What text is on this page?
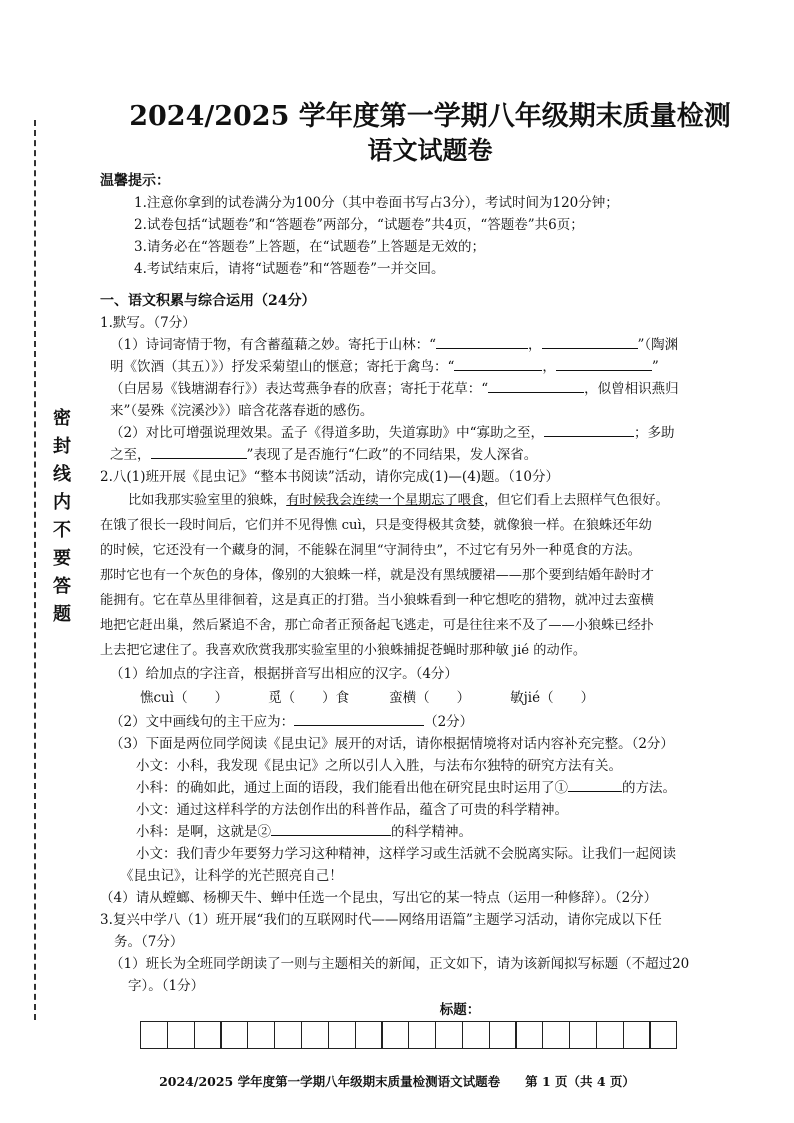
密
封
线
内
不
要
答
题
2024/2025 学年度第一学期八年级期末质量检测
语文试题卷
温馨提示：
1.注意你拿到的试卷满分为100分（其中卷面书写占3分），考试时间为120分钟；
2.试卷包括“试题卷”和“答题卷”两部分，“试题卷”共4页，“答题卷”共6页；
3.请务必在“答题卷”上答题，在“试题卷”上答题是无效的；
4.考试结束后，请将“试题卷”和“答题卷”一并交回。
一、语文积累与综合运用（24分）
1.默写。（7分）
（1）诗词寄情于物，有含蓄蕴藉之妙。寄托于山林：“	，	”（陶渊
明《饮酒（其五）》）抒发采菊望山的惬意；寄托于禽鸟：“	，	”
（白居易《钱塘湖春行》）表达莺燕争春的欣喜；寄托于花草：“	，似曾相识燕归
来”（晏殊《浣溪沙》）暗含花落春逝的感伤。
（2）对比可增强说理效果。孟子《得道多助，失道寡助》中“寡助之至，	；多助
之至，	”表现了是否施行“仁政”的不同结果，发人深省。
2.八(1)班开展《昆虫记》“整本书阅读”活动，请你完成(1)—(4)题。（10分）
比如我那实验室里的狼蛛，有时候我会连续一个星期忘了喂食，但它们看上去照样气色很好。
在饿了很长一段时间后，它们并不见得憔 cuì，只是变得极其贪婪，就像狼一样。在狼蛛还年幼
的时候，它还没有一个藏身的洞，不能躲在洞里“守洞待虫”，不过它有另外一种觅食的方法。
那时它也有一个灰色的身体，像别的大狼蛛一样，就是没有黑绒腰裙——那个要到结婚年龄时才
能拥有。它在草丛里徘徊着，这是真正的打猎。当小狼蛛看到一种它想吃的猎物，就冲过去蛮横
地把它赶出巢，然后紧追不舍，那亡命者正预备起飞逃走，可是往往来不及了——小狼蛛已经扑
上去把它逮住了。我喜欢欣赏我那实验室里的小狼蛛捕捉苍蝇时那种敏 jié 的动作。
（1）给加点的字注音，根据拼音写出相应的汉字。（4分）
憔cuì（　　）	觅（　　）食	蛮横（　　）	敏jié（　　）
（2）文中画线句的主干应为：	（2分）
（3）下面是两位同学阅读《昆虫记》展开的对话，请你根据情境将对话内容补充完整。（2分）
小文：小科，我发现《昆虫记》之所以引人入胜，与法布尔独特的研究方法有关。
小科：的确如此，通过上面的语段，我们能看出他在研究昆虫时运用了①	的方法。
小文：通过这样科学的方法创作出的科普作品，蕴含了可贵的科学精神。
小科：是啊，这就是②	的科学精神。
小文：我们青少年要努力学习这种精神，这样学习或生活就不会脱离实际。让我们一起阅读
《昆虫记》，让科学的光芒照亮自己！
（4）请从螳螂、杨柳天牛、蝉中任选一个昆虫，写出它的某一特点（运用一种修辞）。（2分）
3.复兴中学八（1）班开展“我们的互联网时代——网络用语篇”主题学习活动，请你完成以下任
务。（7分）
（1）班长为全班同学朗读了一则与主题相关的新闻，正文如下，请为该新闻拟写标题（不超过20
字）。（1分）
标题：
2024/2025 学年度第一学期八年级期末质量检测语文试题卷　　第 1 页（共 4 页）
